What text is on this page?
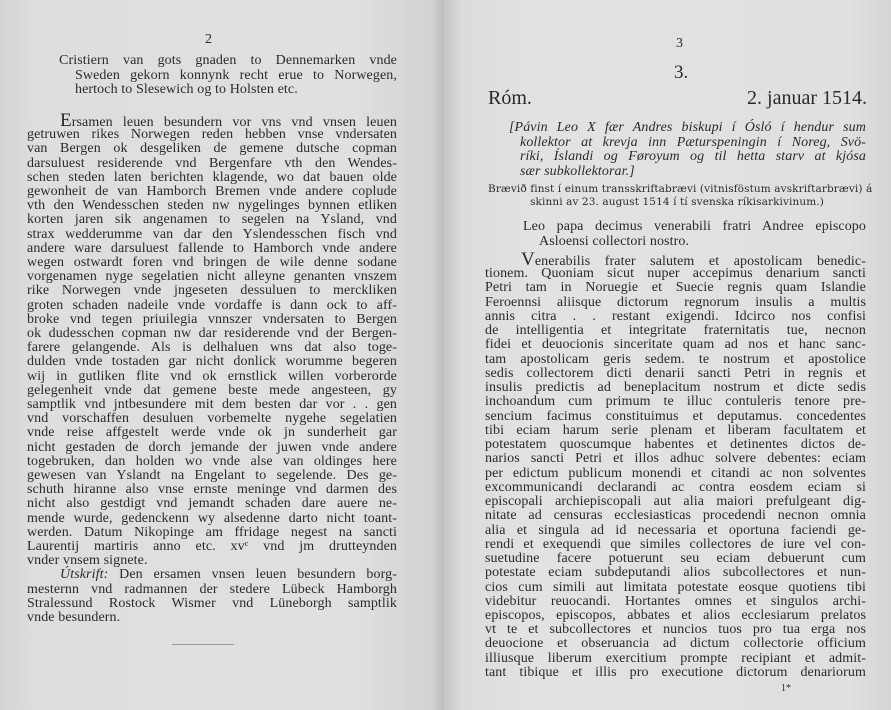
2
Cristiern van gots gnaden to Dennemarken vnde
Sweden gekorn konnynk recht erue to Norwegen,
hertoch to Slesewich og to Holsten etc.
Ersamen leuen besundern vor vns vnd vnsen leuen
getruwen rikes Norwegen reden hebben vnse vndersaten
van Bergen ok desgeliken de gemene dutsche copman
darsuluest residerende vnd Bergenfare vth den Wendes-
schen steden laten berichten klagende, wo dat bauen olde
gewonheit de van Hamborch Bremen vnde andere coplude
vth den Wendesschen steden nw nygelinges bynnen etliken
korten jaren sik angenamen to segelen na Ysland, vnd
strax wedderumme van dar den Yslendesschen fisch vnd
andere ware darsuluest fallende to Hamborch vnde andere
wegen ostwardt foren vnd bringen de wile denne sodane
vorgenamen nyge segelatien nicht alleyne genanten vnszem
rike Norwegen vnde jngeseten dessuluen to merckliken
groten schaden nadeile vnde vordaffe is dann ock to aff-
broke vnd tegen priuilegia vnnszer vndersaten to Bergen
ok dudesschen copman nw dar residerende vnd der Bergen-
farere gelangende. Als is delhaluen wns dat also toge-
dulden vnde tostaden gar nicht donlick worumme begeren
wij in gutliken flite vnd ok ernstlick willen vorberorde
gelegenheit vnde dat gemene beste mede angesteen, gy
samptlik vnd jntbesundere mit dem besten dar vor . . gen
vnd vorschaffen desuluen vorbemelte nygehe segelatien
vnde reise affgestelt werde vnde ok jn sunderheit gar
nicht gestaden de dorch jemande der juwen vnde andere
togebruken, dan holden wo vnde alse van oldinges here
gewesen van Yslandt na Engelant to segelende. Des ge-
schuth hiranne also vnse ernste meninge vnd darmen des
nicht also gestdigt vnd jemandt schaden dare auere ne-
mende wurde, gedenckenn wy alsedenne darto nicht toant-
werden. Datum Nikopinge am ffridage negest na sancti
Laurentij martiris anno etc. xvᶜ vnd jm drutteynden
vnder vnsem signete.
Útskrift: Den ersamen vnsen leuen besundern borg-
mesternn vnd radmannen der stedere Lübeck Hamborgh
Stralessund Rostock Wismer vnd Lüneborgh samptlik
vnde besundern.
3
3.
Róm.	2. januar 1514.
[Pávin Leo X fær Andres biskupi í Ósló í hendur sum
kollektor at krevja inn Pæturspeningin í Noreg, Svö-
ríki, Íslandi og Føroyum og til hetta starv at kjósa
sær subkollektorar.]
Brævið finst í einum transskriftabrævi (vitnisföstum avskriftarbrævi) á
skinni av 23. august 1514 í tí svenska ríkisarkivinum.)
Leo papa decimus venerabili fratri Andree episcopo
Asloensi collectori nostro.
Venerabilis frater salutem et apostolicam benedic-
tionem. Quoniam sicut nuper accepimus denarium sancti
Petri tam in Noruegie et Suecie regnis quam Islandie
Feroennsi aliisque dictorum regnorum insulis a multis
annis citra . . restant exigendi. Idcirco nos confisi
de intelligentia et integritate fraternitatis tue, necnon
fidei et deuocionis sinceritate quam ad nos et hanc sanc-
tam apostolicam geris sedem. te nostrum et apostolice
sedis collectorem dicti denarii sancti Petri in regnis et
insulis predictis ad beneplacitum nostrum et dicte sedis
inchoandum cum primum te illuc contuleris tenore pre-
sencium facimus constituimus et deputamus. concedentes
tibi eciam harum serie plenam et liberam facultatem et
potestatem quoscumque habentes et detinentes dictos de-
narios sancti Petri et illos adhuc solvere debentes: eciam
per edictum publicum monendi et citandi ac non solventes
excommunicandi declarandi ac contra eosdem eciam si
episcopali archiepiscopali aut alia maiori prefulgeant dig-
nitate ad censuras ecclesiasticas procedendi necnon omnia
alia et singula ad id necessaria et oportuna faciendi ge-
rendi et exequendi que similes collectores de iure vel con-
suetudine facere potuerunt seu eciam debuerunt cum
potestate eciam subdeputandi alios subcollectores et nun-
cios cum simili aut limitata potestate eosque quotiens tibi
videbitur reuocandi. Hortantes omnes et singulos archi-
episcopos, episcopos, abbates et alios ecclesiarum prelatos
vt te et subcollectores et nuncios tuos pro tua erga nos
deuocione et obseruancia ad dictum collectorie officium
illiusque liberum exercitium prompte recipiant et admit-
tant tibique et illis pro executione dictorum denariorum
1*
